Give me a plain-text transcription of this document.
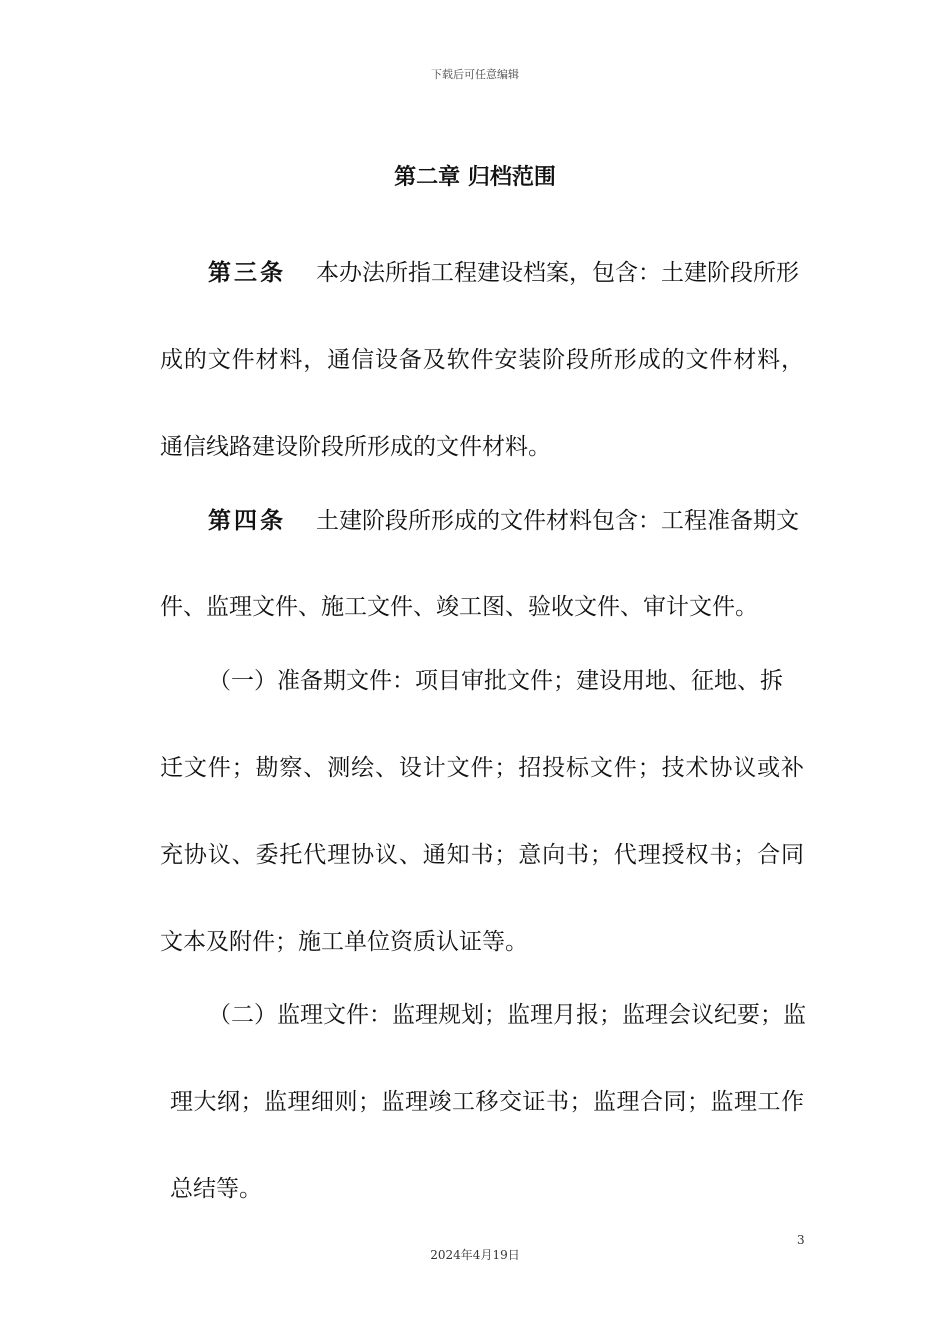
下载后可任意编辑
第二章 归档范围
第三条 本办法所指工程建设档案，包含：土建阶段所形
成的文件材料，通信设备及软件安装阶段所形成的文件材料，
通信线路建设阶段所形成的文件材料。
第四条 土建阶段所形成的文件材料包含：工程准备期文
件、监理文件、施工文件、竣工图、验收文件、审计文件。
（一）准备期文件：项目审批文件；建设用地、征地、拆
迁文件；勘察、测绘、设计文件；招投标文件；技术协议或补
充协议、委托代理协议、通知书；意向书；代理授权书；合同
文本及附件；施工单位资质认证等。
（二）监理文件：监理规划；监理月报；监理会议纪要；监
理大纲；监理细则；监理竣工移交证书；监理合同；监理工作
总结等。
3
2024年4月19日
